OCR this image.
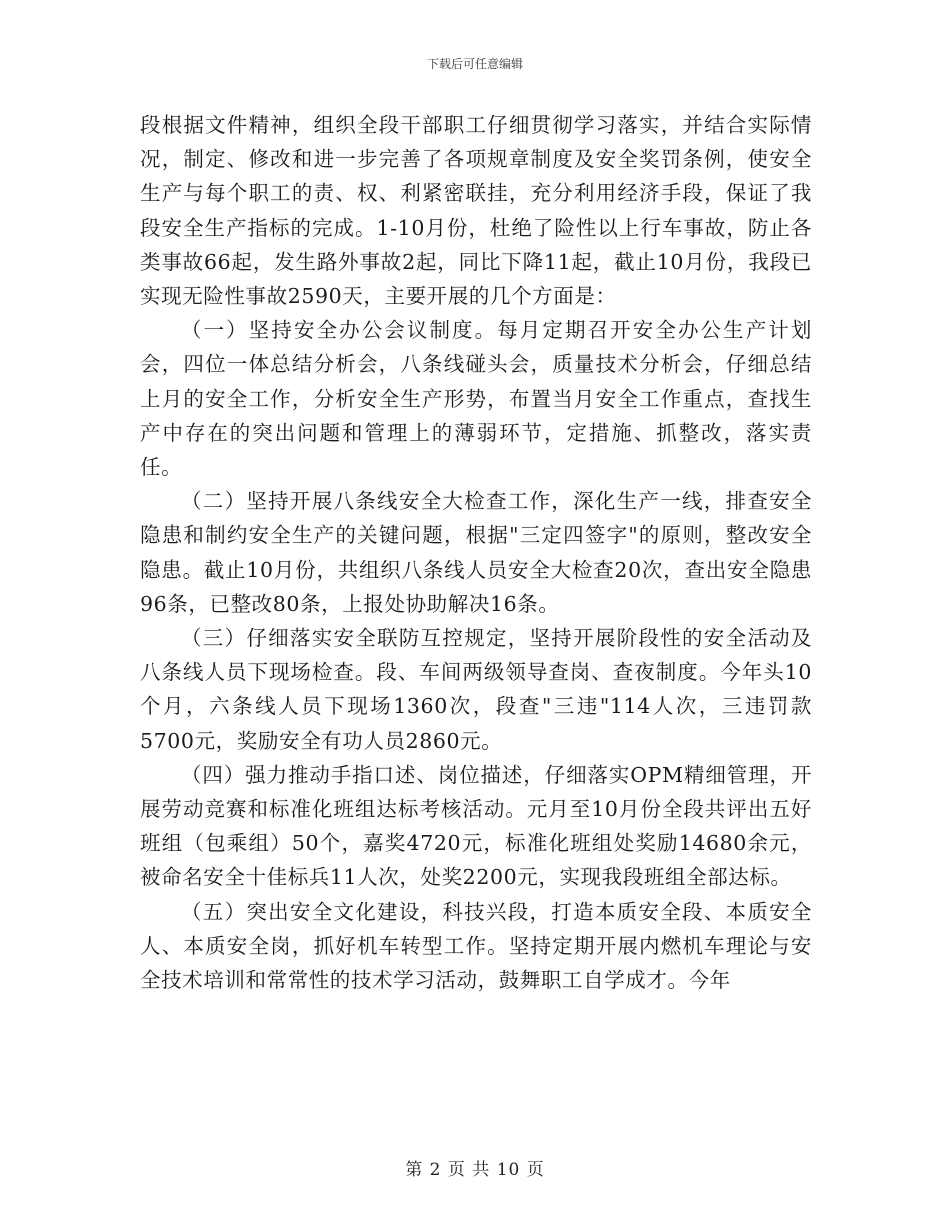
下载后可任意编辑

段根据文件精神，组织全段干部职工仔细贯彻学习落实，并结合实际情况，制定、修改和进一步完善了各项规章制度及安全奖罚条例，使安全生产与每个职工的责、权、利紧密联挂，充分利用经济手段，保证了我段安全生产指标的完成。1-10月份，杜绝了险性以上行车事故，防止各类事故66起，发生路外事故2起，同比下降11起，截止10月份，我段已实现无险性事故2590天，主要开展的几个方面是：

（一）坚持安全办公会议制度。每月定期召开安全办公生产计划会，四位一体总结分析会，八条线碰头会，质量技术分析会，仔细总结上月的安全工作，分析安全生产形势，布置当月安全工作重点，查找生产中存在的突出问题和管理上的薄弱环节，定措施、抓整改，落实责任。

（二）坚持开展八条线安全大检查工作，深化生产一线，排查安全隐患和制约安全生产的关键问题，根据"三定四签字"的原则，整改安全隐患。截止10月份，共组织八条线人员安全大检查20次，查出安全隐患96条，已整改80条，上报处协助解决16条。

（三）仔细落实安全联防互控规定，坚持开展阶段性的安全活动及八条线人员下现场检查。段、车间两级领导查岗、查夜制度。今年头10个月，六条线人员下现场1360次，段查"三违"114人次，三违罚款5700元，奖励安全有功人员2860元。

（四）强力推动手指口述、岗位描述，仔细落实OPM精细管理，开展劳动竞赛和标准化班组达标考核活动。元月至10月份全段共评出五好班组（包乘组）50个，嘉奖4720元，标准化班组处奖励14680余元，被命名安全十佳标兵11人次，处奖2200元，实现我段班组全部达标。

（五）突出安全文化建设，科技兴段，打造本质安全段、本质安全人、本质安全岗，抓好机车转型工作。坚持定期开展内燃机车理论与安全技术培训和常常性的技术学习活动，鼓舞职工自学成才。今年

第 2 页 共 10 页
